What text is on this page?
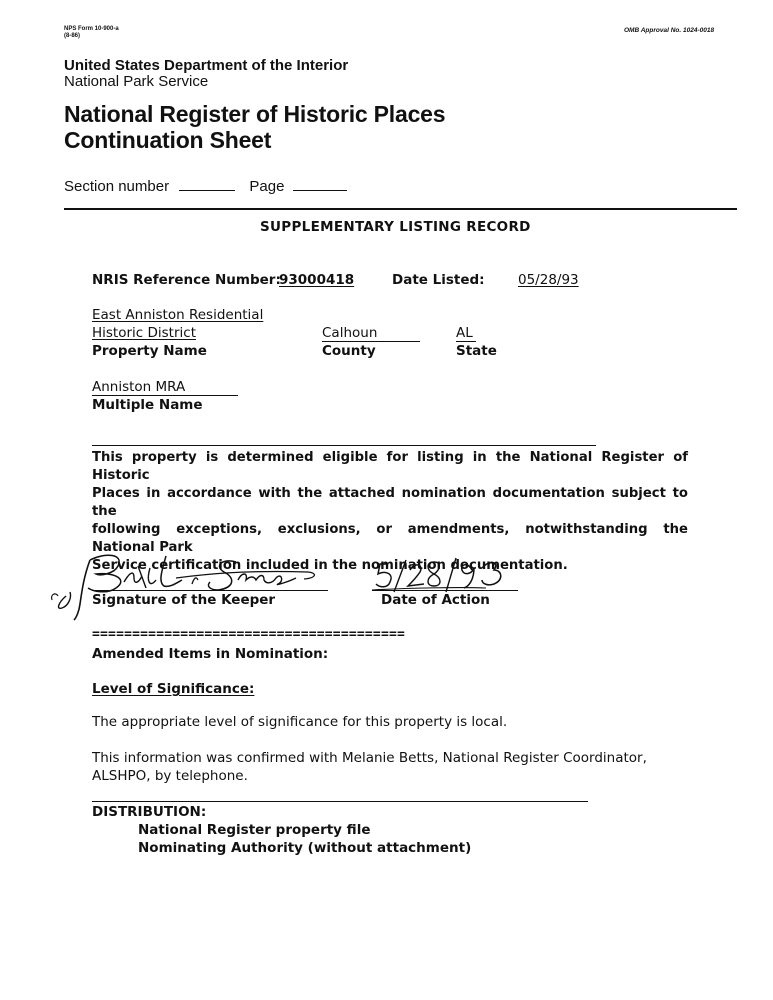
NPS Form 10-900-a
(8-86)
OMB Approval No. 1024-0018
United States Department of the Interior
National Park Service
National Register of Historic Places
Continuation Sheet
Section number	Page
SUPPLEMENTARY LISTING RECORD
NRIS Reference Number:
93000418	Date Listed: 05/28/93
East Anniston Residential
Historic District
Property Name
Calhoun
County
AL
State
Anniston MRA
Multiple Name
This property is determined eligible for listing in the National Register of Historic
Places in accordance with the attached nomination documentation subject to the
following exceptions, exclusions, or amendments, notwithstanding the National Park
Service certification included in the nomination documentation.
Signature of the Keeper	Date of Action
=======================================
Amended Items in Nomination:
Level of Significance:
The appropriate level of significance for this property is local.
This information was confirmed with Melanie Betts, National Register Coordinator,
ALSHPO, by telephone.
DISTRIBUTION:
National Register property file
Nominating Authority (without attachment)
